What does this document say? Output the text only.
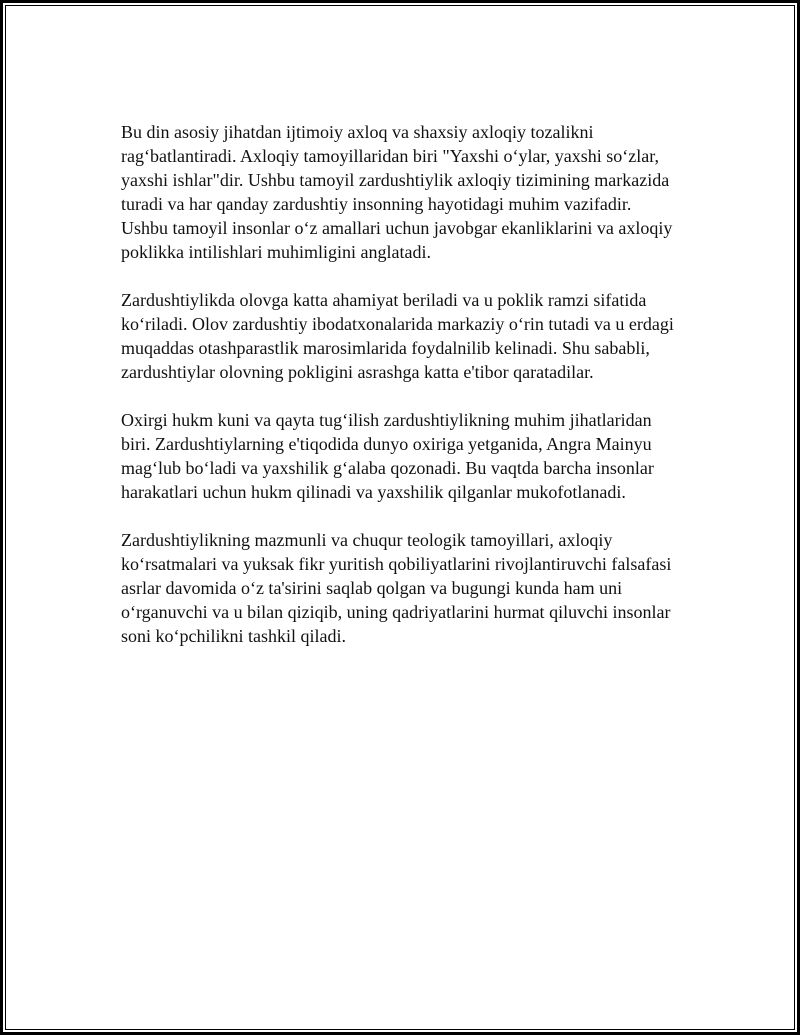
Bu din asosiy jihatdan ijtimoiy axloq va shaxsiy axloqiy tozalikni
rag‘batlantiradi. Axloqiy tamoyillaridan biri "Yaxshi o‘ylar, yaxshi so‘zlar,
yaxshi ishlar"dir. Ushbu tamoyil zardushtiylik axloqiy tizimining markazida
turadi va har qanday zardushtiy insonning hayotidagi muhim vazifadir.
Ushbu tamoyil insonlar o‘z amallari uchun javobgar ekanliklarini va axloqiy
poklikka intilishlari muhimligini anglatadi.

Zardushtiylikda olovga katta ahamiyat beriladi va u poklik ramzi sifatida
ko‘riladi. Olov zardushtiy ibodatxonalarida markaziy o‘rin tutadi va u erdagi
muqaddas otashparastlik marosimlarida foydalnilib kelinadi. Shu sababli,
zardushtiylar olovning pokligini asrashga katta e'tibor qaratadilar.

Oxirgi hukm kuni va qayta tug‘ilish zardushtiylikning muhim jihatlaridan
biri. Zardushtiylarning e'tiqodida dunyo oxiriga yetganida, Angra Mainyu
mag‘lub bo‘ladi va yaxshilik g‘alaba qozonadi. Bu vaqtda barcha insonlar
harakatlari uchun hukm qilinadi va yaxshilik qilganlar mukofotlanadi.

Zardushtiylikning mazmunli va chuqur teologik tamoyillari, axloqiy
ko‘rsatmalari va yuksak fikr yuritish qobiliyatlarini rivojlantiruvchi falsafasi
asrlar davomida o‘z ta'sirini saqlab qolgan va bugungi kunda ham uni
o‘rganuvchi va u bilan qiziqib, uning qadriyatlarini hurmat qiluvchi insonlar
soni ko‘pchilikni tashkil qiladi.
